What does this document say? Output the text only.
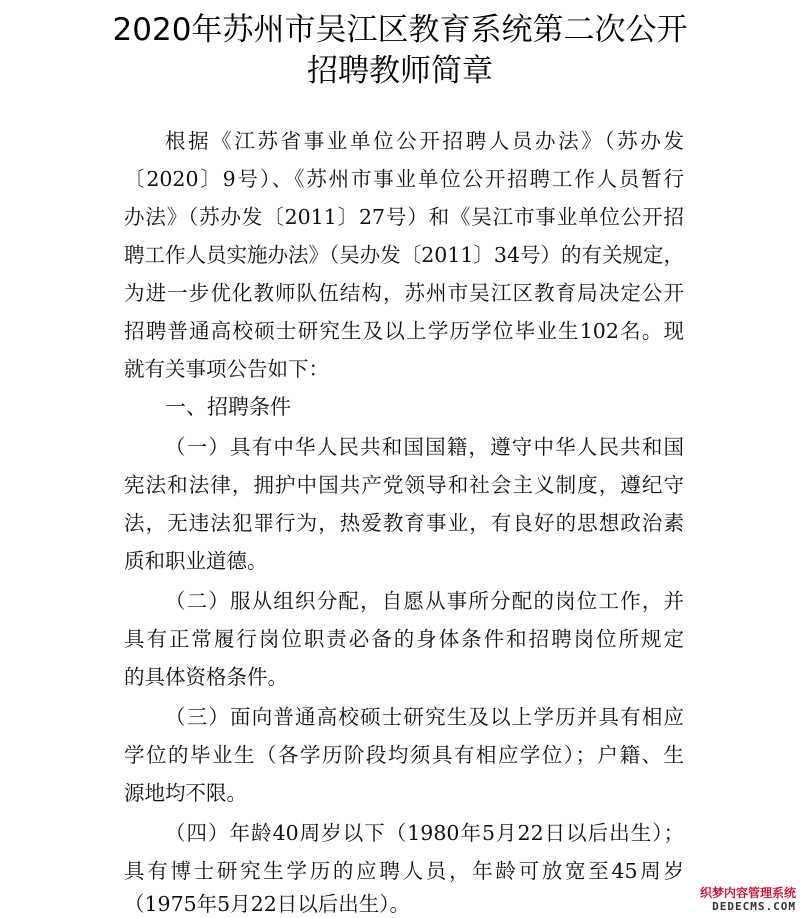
2020年苏州市吴江区教育系统第二次公开
招聘教师简章
根据《江苏省事业单位公开招聘人员办法》（苏办发
〔2020〕9号）、《苏州市事业单位公开招聘工作人员暂行
办法》（苏办发〔2011〕27号）和《吴江市事业单位公开招
聘工作人员实施办法》（吴办发〔2011〕34号）的有关规定，
为进一步优化教师队伍结构，苏州市吴江区教育局决定公开
招聘普通高校硕士研究生及以上学历学位毕业生102名。现
就有关事项公告如下：
一、招聘条件
（一）具有中华人民共和国国籍，遵守中华人民共和国
宪法和法律，拥护中国共产党领导和社会主义制度，遵纪守
法，无违法犯罪行为，热爱教育事业，有良好的思想政治素
质和职业道德。
（二）服从组织分配，自愿从事所分配的岗位工作，并
具有正常履行岗位职责必备的身体条件和招聘岗位所规定
的具体资格条件。
（三）面向普通高校硕士研究生及以上学历并具有相应
学位的毕业生（各学历阶段均须具有相应学位）；户籍、生
源地均不限。
（四）年龄40周岁以下（1980年5月22日以后出生）；
具有博士研究生学历的应聘人员，年龄可放宽至45周岁
（1975年5月22日以后出生）。	织梦内容管理系统
DEDECMS.COM
